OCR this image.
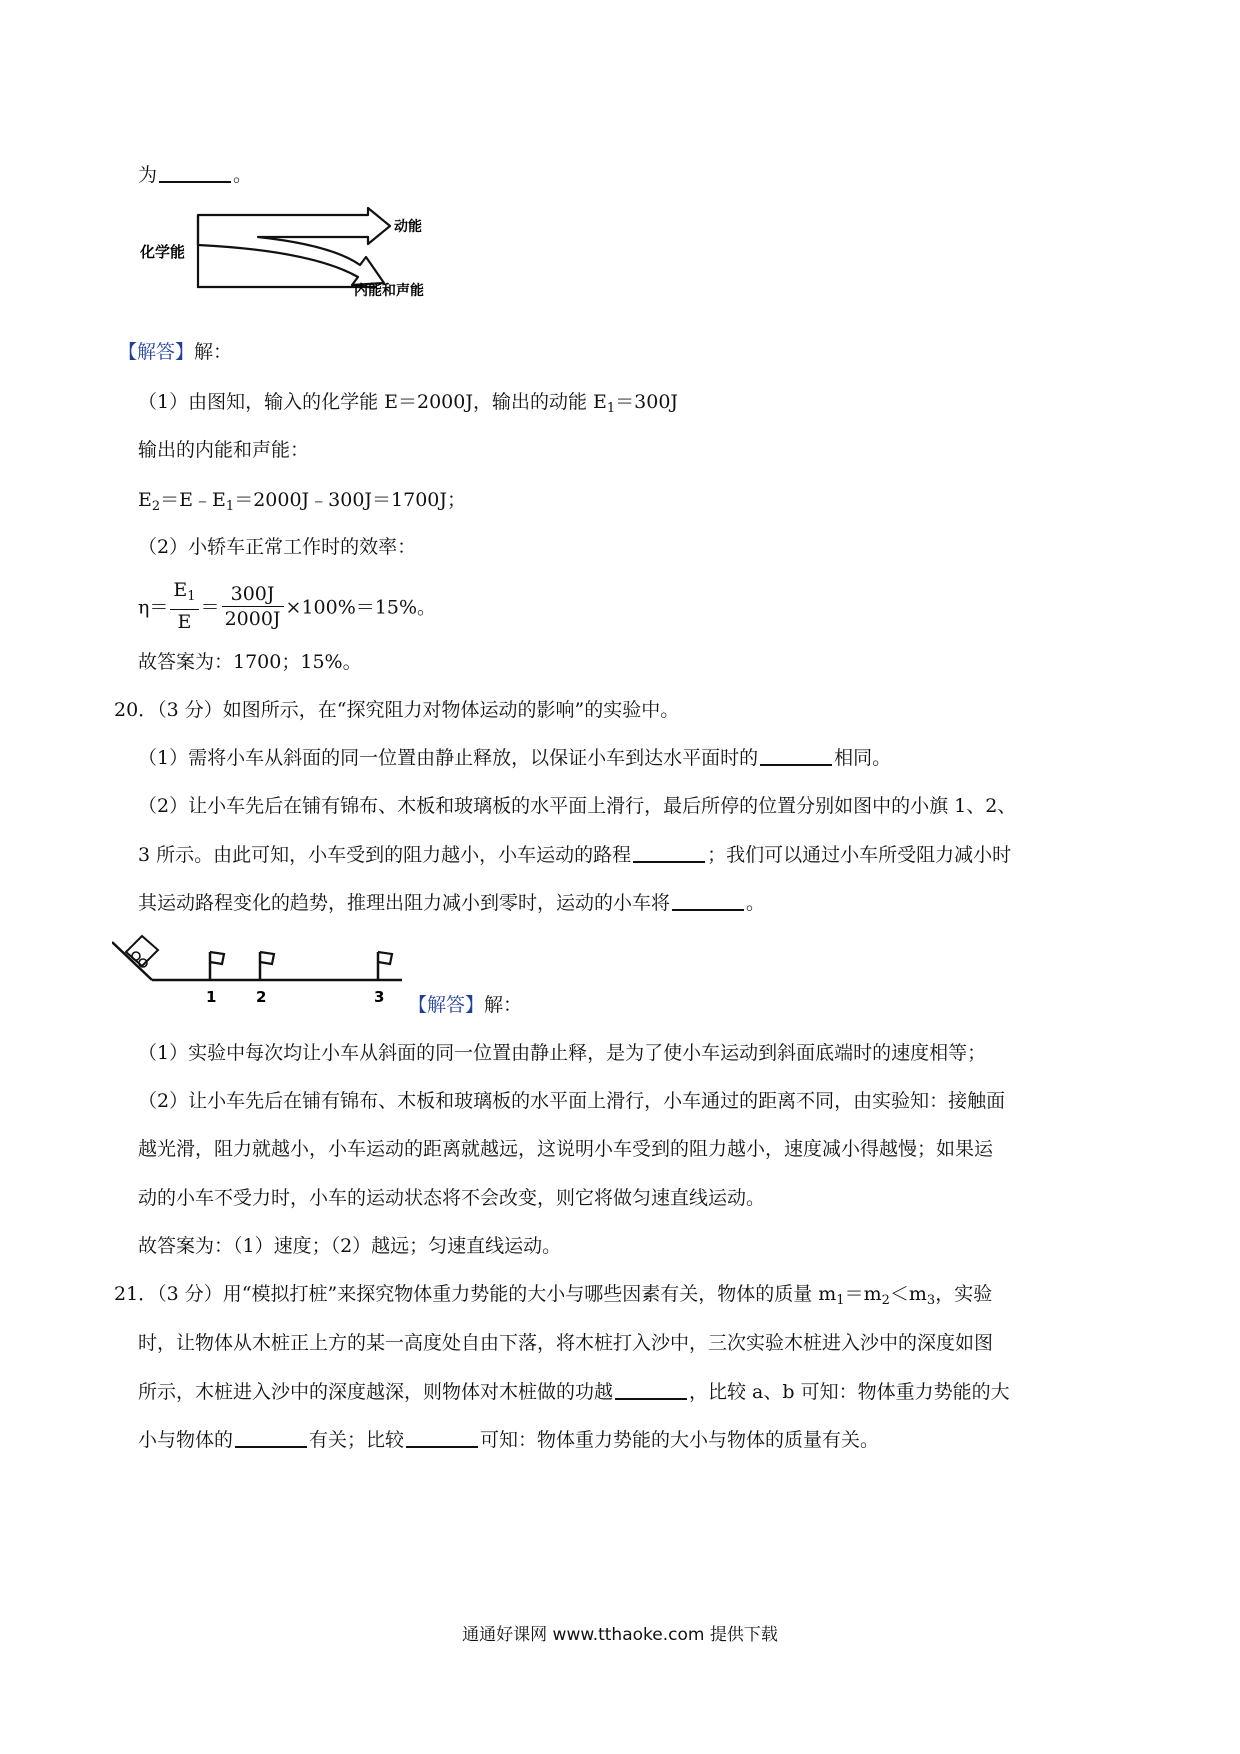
为	。
化学能
动能
内能和声能
【解答】解：
（1）由图知，输入的化学能 E＝2000J，输出的动能 $E_1=300J$
输出的内能和声能：
$E_2=E﹣E_1=2000J﹣300J=1700J$；
（2）小轿车正常工作时的效率：
$\eta= \frac{E_1}{E} = \frac{300J}{2000J} \times 100\%=15\%$。
故答案为：1700；15%。
20．（3 分）如图所示，在“探究阻力对物体运动的影响”的实验中。
（1）需将小车从斜面的同一位置由静止释放，以保证小车到达水平面时的	相同。
（2）让小车先后在铺有锦布、木板和玻璃板的水平面上滑行，最后所停的位置分别如图中的小旗 1、2、
3 所示。由此可知，小车受到的阻力越小，小车运动的路程	；我们可以通过小车所受阻力减小时
其运动路程变化的趋势，推理出阻力减小到零时，运动的小车将	。
1	2	3 【解答】解：
（1）实验中每次均让小车从斜面的同一位置由静止释，是为了使小车运动到斜面底端时的速度相等；
（2）让小车先后在铺有锦布、木板和玻璃板的水平面上滑行，小车通过的距离不同，由实验知：接触面
越光滑，阻力就越小，小车运动的距离就越远，这说明小车受到的阻力越小，速度减小得越慢；如果运
动的小车不受力时，小车的运动状态将不会改变，则它将做匀速直线运动。
故答案为：（1）速度；（2）越远；匀速直线运动。
21．（3 分）用“模拟打桩”来探究物体重力势能的大小与哪些因素有关，物体的质量 $m_1=m_2<m_3$，实验
时，让物体从木桩正上方的某一高度处自由下落，将木桩打入沙中，三次实验木桩进入沙中的深度如图
所示，木桩进入沙中的深度越深，则物体对木桩做的功越	，比较 a、b 可知：物体重力势能的大
小与物体的	有关；比较	可知：物体重力势能的大小与物体的质量有关。
通通好课网 www.tthaoke.com 提供下载
